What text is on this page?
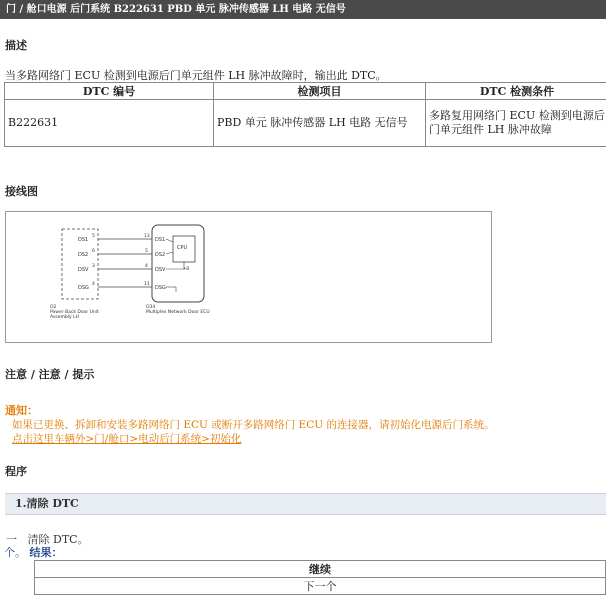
门 / 舱口电源 后门系统 B222631 PBD 单元 脉冲传感器 LH 电路 无信号
描述
当多路网络门 ECU 检测到电源后门单元组件 LH 脉冲故障时，输出此 DTC。
DTC 编号	检测项目	DTC 检测条件
B222631	PBD 单元 脉冲传感器 LH 电路 无信号	多路复用网络门 ECU 检测到电源后门单元组件 LH 脉冲故障
接线图
CPU
+B
DS1
DS2
DSV
DSG
5
6
3
4
13
5
4
11
DS1
DS2
DSV
DSG
O2
Power Back Door Unit
Assembly LH
O34
Multiplex Network Door ECU
注意 / 注意 / 提示
通知：
如果已更换、拆卸和安装多路网络门 ECU 或断开多路网络门 ECU 的连接器，请初始化电源后门系统。
点击这里车辆外>门/舱口>电动后门系统>初始化
程序
1.清除 DTC
一 清除 DTC。
个。 结果：
继续
下一个
